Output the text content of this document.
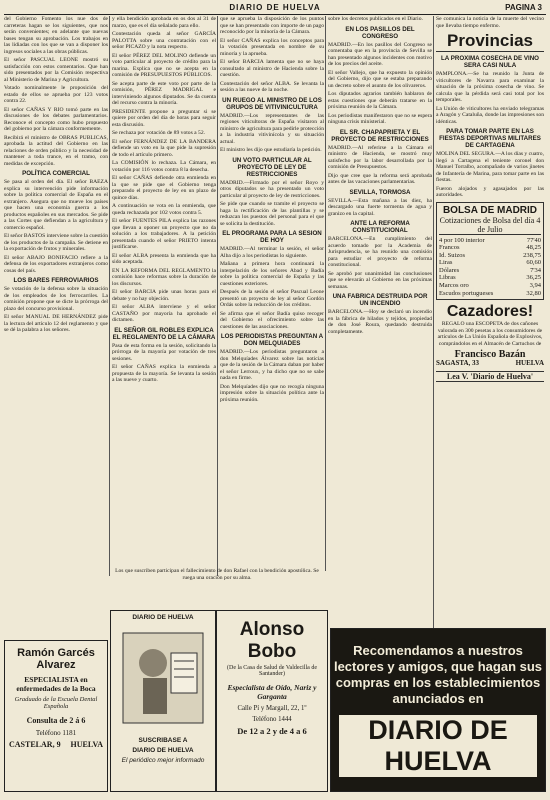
DIARIO DE HUELVA	PAGINA 3

del Gobierno Fomento los nue dos de carreteras hagan se los siguientes, que nos serán convenientes; en adelante que nuevas bases tengan su aprobación. Los trabajos en las lidiadas con los que se van a disponer los ingresos sociales a las obras públicas.

El señor PASCUAL LEONE mostró su satisfacción con estos comentarios. Que han sido presentados por la Comisión respectiva al Ministerio de Marina y Agricultura.

Votado nominalmente le proposición del estado de ellos se aprueba por 123 votos contra 22.

El señor CAÑAS Y RIO tomó parte en las discusiones de los debates parlamentarios. Reconoce el concepto como hubo propuesto del gobierno por la cámara conformemente.

Recibirá el ministro de OBRAS PUBLICAS, aprobada la actitud del Gobierno en las relaciones de orden público y la necesidad de mantener a toda trance, en el tramo, con medidas de excepción.

POLÍTICA COMERCIAL

Se pasa al orden del día. El señor BAEZA explica su intervención pide información sobre la política comercial de España en el extranjero. Asegura que no mueve los países que hacen una economía guerra a los productos españoles en sus mercados. Se pide a las Cortes que defiendan a la agricultura y comercio español.

El señor BASTOS interviene sobre la cuestión de los productos de la campaña. Se detiene en la exportación de frutos y minerales.

El señor ABAJO BONIFACIO refiere a la defensa de los exportadores extranjeros como cosas del país.

LOS BARES FERROVIARIOS

Se votación de la defensa sobre la situación de los empleados de los ferrocarriles. La comisión propone que se dicte la prórroga del plazo del concurso provisional.

El señor MANUAL DE HERNÁNDEZ pide la lectura del artículo 12 del reglamento y que se dé la palabra a los señores.

y ella bendición aprobada en os dos al 31 de marzo, que es el dia señalado para ello.

Contestación queda al señor GARCÍA PALOTTA sobre una contratación con el señor PICAZO y la nota respecto.

El señor PÉREZ DEL MOLINO defiende un voto particular al proyecto de crédito para la marina. Explica que no se acepta en la comisión de PRESUPUESTOS PÚBLICOS.

Se acepta parte de este voto por parte de la comisión, PÉREZ MADRIGAL e interviniendo algunos diputados. Se da cuenta del recurso contra la minoría.

PRESIDENTE propone a preguntar si se quiere por orden del día de horas para seguir esta discusión.

Se rechaza por votación de 89 votos a 52.

El señor FERNÁNDEZ DE LA BANDERA defiende un voto en la que pide la supresión de todo el artículo primero.

La COMISIÓN lo rechaza. La Cámara, en votación por 116 votos contra 8 la desecha.

El señor CAÑAS defiende otra enmienda en la que se pide que el Gobierno tenga preparado el proyecto de ley en un plazo de quince días.

A continuación se vota en la enmienda, que queda rechazada por 102 votos contra 5.

El señor FUENTES PILA explica las razones que llevan a oponer un proyecto que no da solución a los trabajadores. A la petición presentada cuando el señor PRIETO intenta justificarse.

El señor ALBA presenta la enmienda que ha sido aceptada.

EN LA REFORMA DEL REGLAMENTO la comisión hace reformas sobre la duración de los discursos.

El señor BARCIA pide unas horas para el debate y no hay objeción.

El señor ALBA interviene y el señor CASTAÑO por mayoría ha aprobado el dictamen.

EL SEÑOR GIL ROBLES EXPLICA EL REGLAMENTO DE LA CÁMARA

Pasa de esta forma en la sesión, solicitando la prórroga de la mayoría por votación de tres sesiones.

El señor CAÑAS explica la enmienda a propuesta de la mayoría. Se levanta la sesión a las nueve y cuarto.

que se aprueba la disposición de los puntos que se han presentado con importe de un pago reconocido por la minoría de la Cámara.

El señor CAÑAS explica los conceptos para la votación presentada en nombre de su minoría y la aprueba.

El señor BARCIA lamenta que no se haya consultado al ministro de Hacienda sobre la cuestión.

Contestación del señor ALBA. Se levanta la sesión a las nueve de la noche.

UN RUEGO AL MINISTRO DE LOS GRUPOS DE VITIVINICULTURA

MADRID.—Los representantes de las regiones viticultoras de España visitaron al ministro de agricultura para pedirle protección a la industria vitivinícola y su situación actual.

El ministro les dijo que estudiaría la petición.

UN VOTO PARTICULAR AL PROYECTO DE LEY DE RESTRICCIONES

MADRID.—Firmado por el señor Royo y otros diputados se ha presentado un voto particular al proyecto de ley de restricciones.

Se pide que cuando se tramite el proyecto se haga la rectificación de las plantillas y se reduzcan los puestos del personal para el que se solicita la destitución.

EL PROGRAMA PARA LA SESION DE HOY

MADRID.—Al terminar la sesión, el señor Alba dijo a los periodistas lo siguiente.

Mañana a primera hora continuará la interpelación de los señores Abad y Badía sobre la política comercial de España y las cuestiones exteriores.

Después de la sesión el señor Pascual Leone presentó un proyecto de ley al señor Gordón Ordás sobre la reducción de los créditos.

Se afirma que el señor Badía quiso recoger del Gobierno el ofrecimiento sobre las cuestiones de las asociaciones.

LOS PERIODISTAS PREGUNTAN A DON MELQUIADES

MADRID.—Los periodistas preguntaron a don Melquíades Álvarez sobre las noticias que de la sesión de la Cámara daban por haber el señor Lerroux, y ha dicho que no se sabe nada en firme.

Don Melquíades dijo que no recogía ninguna impresión sobre la situación política ante la próxima reunión.

sobre los decretos publicados en el Diario.

EN LOS PASILLOS DEL CONGRESO

MADRID.—En los pasillos del Congreso se comentaba que en la provincia de Sevilla se han presentado algunos incidentes con motivo de los precios del aceite.

El señor Vallejo, que ha expuesto la opinión del Gobierno, dijo que se estaba preparando un decreto sobre el asunto de los olivareros.

Los diputados agrarios también hablaron de estas cuestiones que deberán tratarse en la próxima reunión de la Cámara.

Los periodistas manifestaron que no se espera ninguna crisis ministerial.

EL SR. CHAPAPRIETA Y EL PROYECTO DE RESTRICCIONES

MADRID.—Al referirse a la Cámara el ministro de Hacienda, se mostró muy satisfecho por la labor desarrollada por la comisión de Presupuestos.

Dijo que cree que la reforma será aprobada antes de las vacaciones parlamentarias.

SEVILLA, TORMOSA

SEVILLA.—Esta mañana a las diez, ha descargado una fuerte tormenta de agua y granizo en la capital.

ANTE LA REFORMA CONSTITUCIONAL

BARCELONA.—En cumplimiento del acuerdo tomado por la Academia de Jurisprudencia, se ha reunido una comisión para estudiar el proyecto de reforma constitucional.

Se aprobó por unanimidad las conclusiones que se elevarán al Gobierno en las próximas semanas.

UNA FABRICA DESTRUIDA POR UN INCENDIO

BARCELONA.—Hoy se declaró un incendio en la fábrica de hilados y tejidos, propiedad de don José Roura, quedando destruida completamente.

Se comunica la noticia de la muerte del vecino que llevaba tiempo enfermo.

Provincias
LA PROXIMA COSECHA DE VINO SERA CASI NULA

PAMPLONA.—Se ha reunido la Junta de viticultores de Navarra para examinar la situación de la próxima cosecha de vino. Se calcula que la pérdida será casi total por los temporales.

La Unión de viticultores ha enviado telegramas a Aragón y Cataluña, donde las impresiones son idénticas.

PARA TOMAR PARTE EN LAS FIESTAS DEPORTIVAS MILITARES DE CARTAGENA

MOLINA DEL SEGURA.—A los días y cuatro, llegó a Cartagena el teniente coronel don Manuel Torralbo, acompañado de varios jinetes de Infantería de Marina, para tomar parte en las fiestas.

Fueron alojados y agasajados por las autoridades.

BOLSA DE MADRID
Cotizaciones de Bolsa del día 4 de Julio
4 por 100 interior	77'40
Francos	48,25
Id. Suizos	238,75
Liras	60,60
Dólares	7'34
Libras	36,25
Marcos oro	3,94
Escudos portugueses	32,80
Cazadores!

REGALO una ESCOPETA de dos cañones valorada en 300 pesetas a los consumidores de artículos de La Unión Española de Explosivos, comprándolos en el Almacén de Cartuchos de

Francisco Bazán
SAGASTA, 33	HUELVA
Lea V. 'Diario de Huelva'
Los que suscriben participan el fallecimiento de don Rafael con la bendición apostólica. Se ruega una oración por su alma.
Ramón Garcés Alvarez
ESPECIALISTA en enfermedades de la Boca
Graduado de la Escuela Dental Española
Consulta de 2 á 6
Teléfono 1181
CASTELAR, 9 HUELVA
DIARIO DE HUELVA
SUSCRIBASE A
DIARIO DE HUELVA
El periódico mejor informado
Alonso Bobo
(De la Casa de Salud de Valdecilla de Santander)
Especialista de Oído, Nariz y Garganta
Calle Pí y Margall, 22, 1º
Teléfono 1444
De 12 a 2 y de 4 a 6
Recomendamos a nuestros lectores y amigos, que hagan sus compras en los establecimientos anunciados en
DIARIO DE HUELVA
